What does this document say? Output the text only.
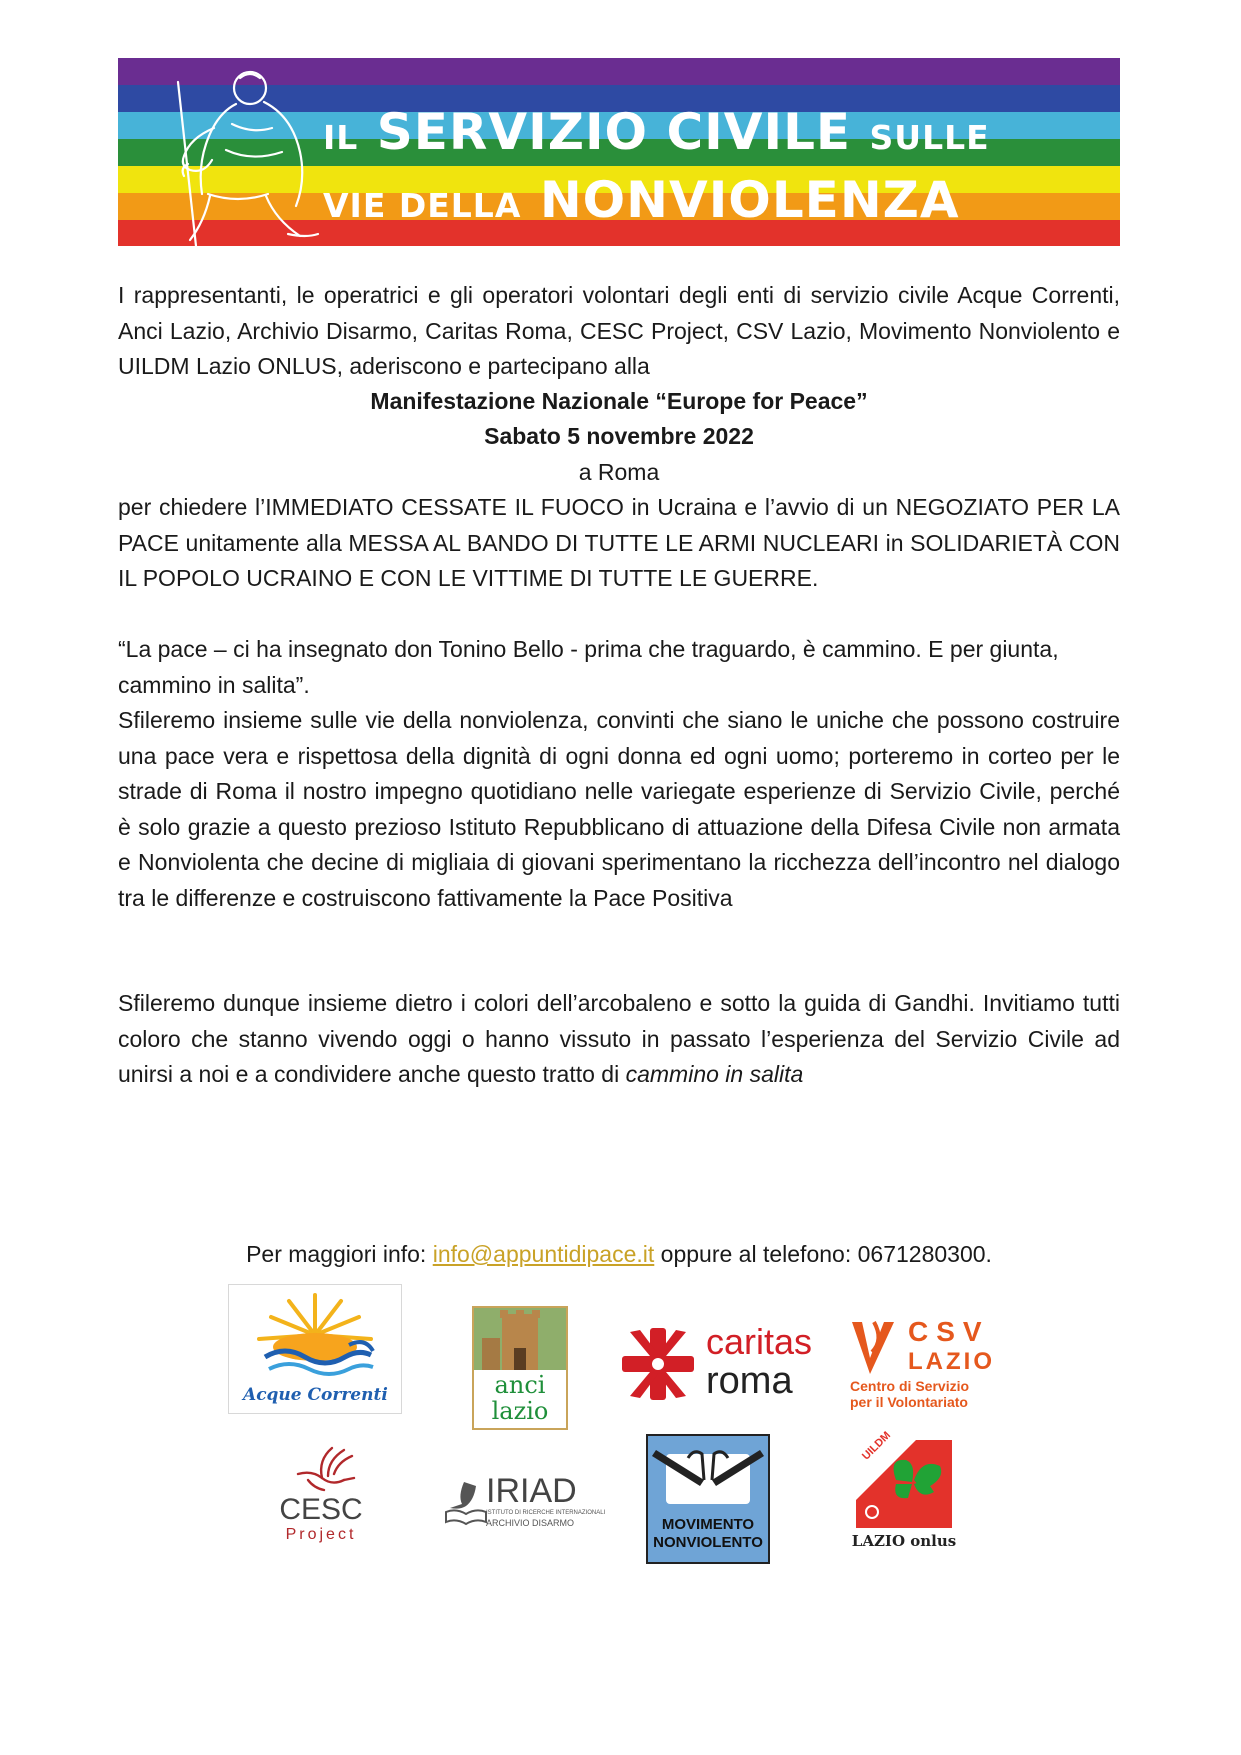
IL SERVIZIO CIVILE SULLE
VIE DELLA NONVIOLENZA

I rappresentanti, le operatrici e gli operatori volontari degli enti di servizio civile Acque Correnti, Anci Lazio, Archivio Disarmo, Caritas Roma, CESC Project, CSV Lazio, Movimento Nonviolento e UILDM Lazio ONLUS, aderiscono e partecipano alla

Manifestazione Nazionale “Europe for Peace”

Sabato 5 novembre 2022

a Roma

per chiedere l’IMMEDIATO CESSATE IL FUOCO in Ucraina e l’avvio di un NEGOZIATO PER LA PACE unitamente alla MESSA AL BANDO DI TUTTE LE ARMI NUCLEARI in SOLIDARIETÀ CON IL POPOLO UCRAINO E CON LE VITTIME DI TUTTE LE GUERRE.

“La pace – ci ha insegnato don Tonino Bello - prima che traguardo, è cammino. E per giunta, cammino in salita”.

Sfileremo insieme sulle vie della nonviolenza, convinti che siano le uniche che possono costruire una pace vera e rispettosa della dignità di ogni donna ed ogni uomo; porteremo in corteo per le strade di Roma il nostro impegno quotidiano nelle variegate esperienze di Servizio Civile, perché è solo grazie a questo prezioso Istituto Repubblicano di attuazione della Difesa Civile non armata e Nonviolenta che decine di migliaia di giovani sperimentano la ricchezza dell’incontro nel dialogo tra le differenze e costruiscono fattivamente la Pace Positiva

Sfileremo dunque insieme dietro i colori dell’arcobaleno e sotto la guida di Gandhi. Invitiamo tutti coloro che stanno vivendo oggi o hanno vissuto in passato l’esperienza del Servizio Civile ad unirsi a noi e a condividere anche questo tratto di cammino in salita

Per maggiori info: info@appuntidipace.it oppure al telefono: 0671280300.
Acque Correnti	anci
lazio
caritas
roma
CSV
LAZIO
Centro di Servizio
per il Volontariato
CESC
Project
IRIAD
ISTITUTO DI RICERCHE INTERNAZIONALI
ARCHIVIO DISARMO	MOVIMENTO
NONVIOLENTO
UILDM
LAZIO onlus
